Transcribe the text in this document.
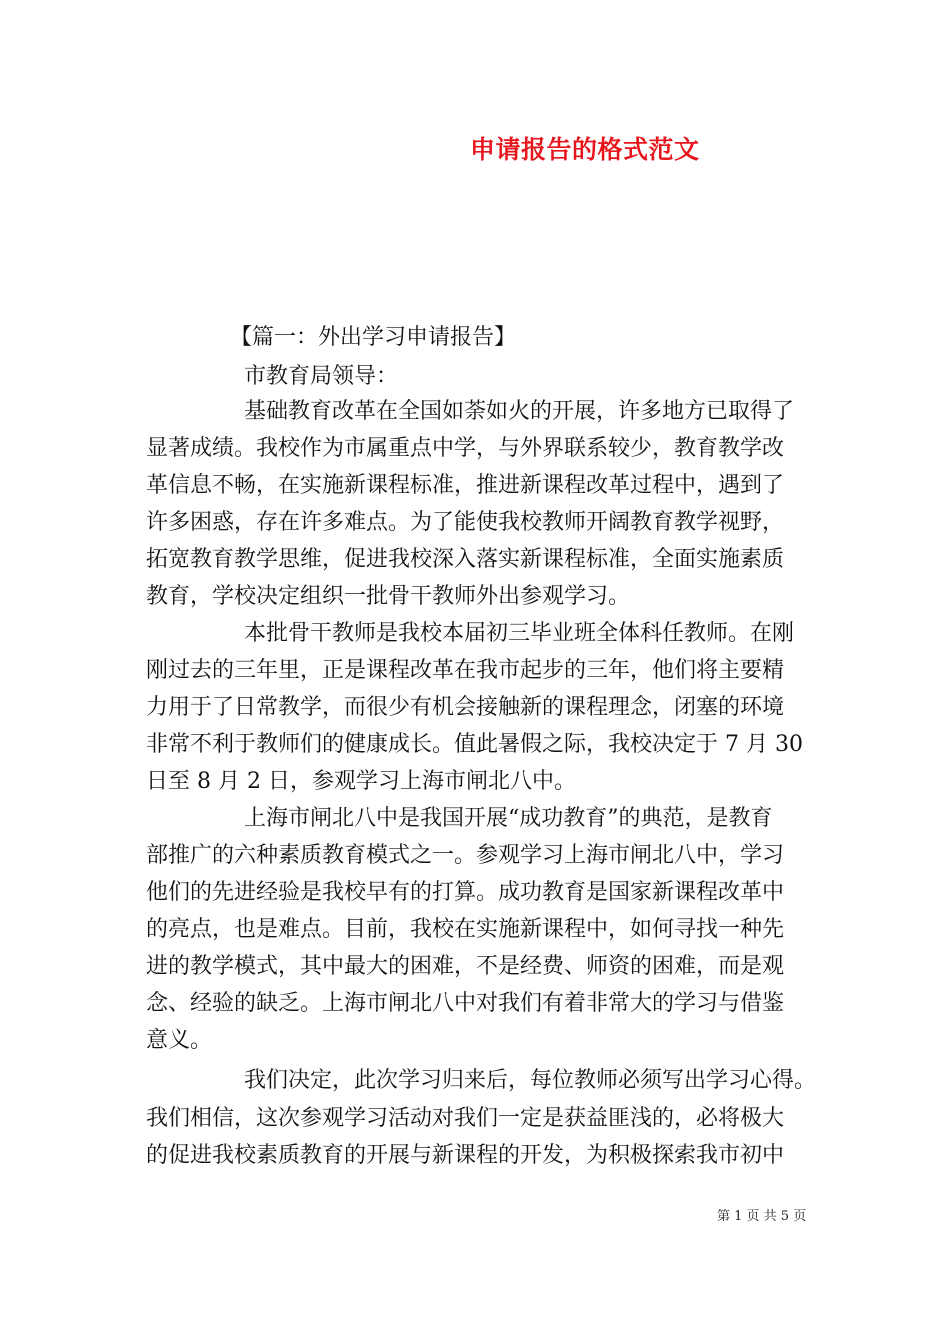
申请报告的格式范文
【篇一：外出学习申请报告】
市教育局领导：
基础教育改革在全国如荼如火的开展，许多地方已取得了
显著成绩。我校作为市属重点中学，与外界联系较少，教育教学改
革信息不畅，在实施新课程标准，推进新课程改革过程中，遇到了
许多困惑，存在许多难点。为了能使我校教师开阔教育教学视野，
拓宽教育教学思维，促进我校深入落实新课程标准，全面实施素质
教育，学校决定组织一批骨干教师外出参观学习。
本批骨干教师是我校本届初三毕业班全体科任教师。在刚
刚过去的三年里，正是课程改革在我市起步的三年，他们将主要精
力用于了日常教学，而很少有机会接触新的课程理念，闭塞的环境
非常不利于教师们的健康成长。值此暑假之际，我校决定于 7 月 30
日至 8 月 2 日，参观学习上海市闸北八中。
上海市闸北八中是我国开展“成功教育”的典范，是教育
部推广的六种素质教育模式之一。参观学习上海市闸北八中，学习
他们的先进经验是我校早有的打算。成功教育是国家新课程改革中
的亮点，也是难点。目前，我校在实施新课程中，如何寻找一种先
进的教学模式，其中最大的困难，不是经费、师资的困难，而是观
念、经验的缺乏。上海市闸北八中对我们有着非常大的学习与借鉴
意义。
我们决定，此次学习归来后，每位教师必须写出学习心得。
我们相信，这次参观学习活动对我们一定是获益匪浅的，必将极大
的促进我校素质教育的开展与新课程的开发，为积极探索我市初中
第 1 页 共 5 页
